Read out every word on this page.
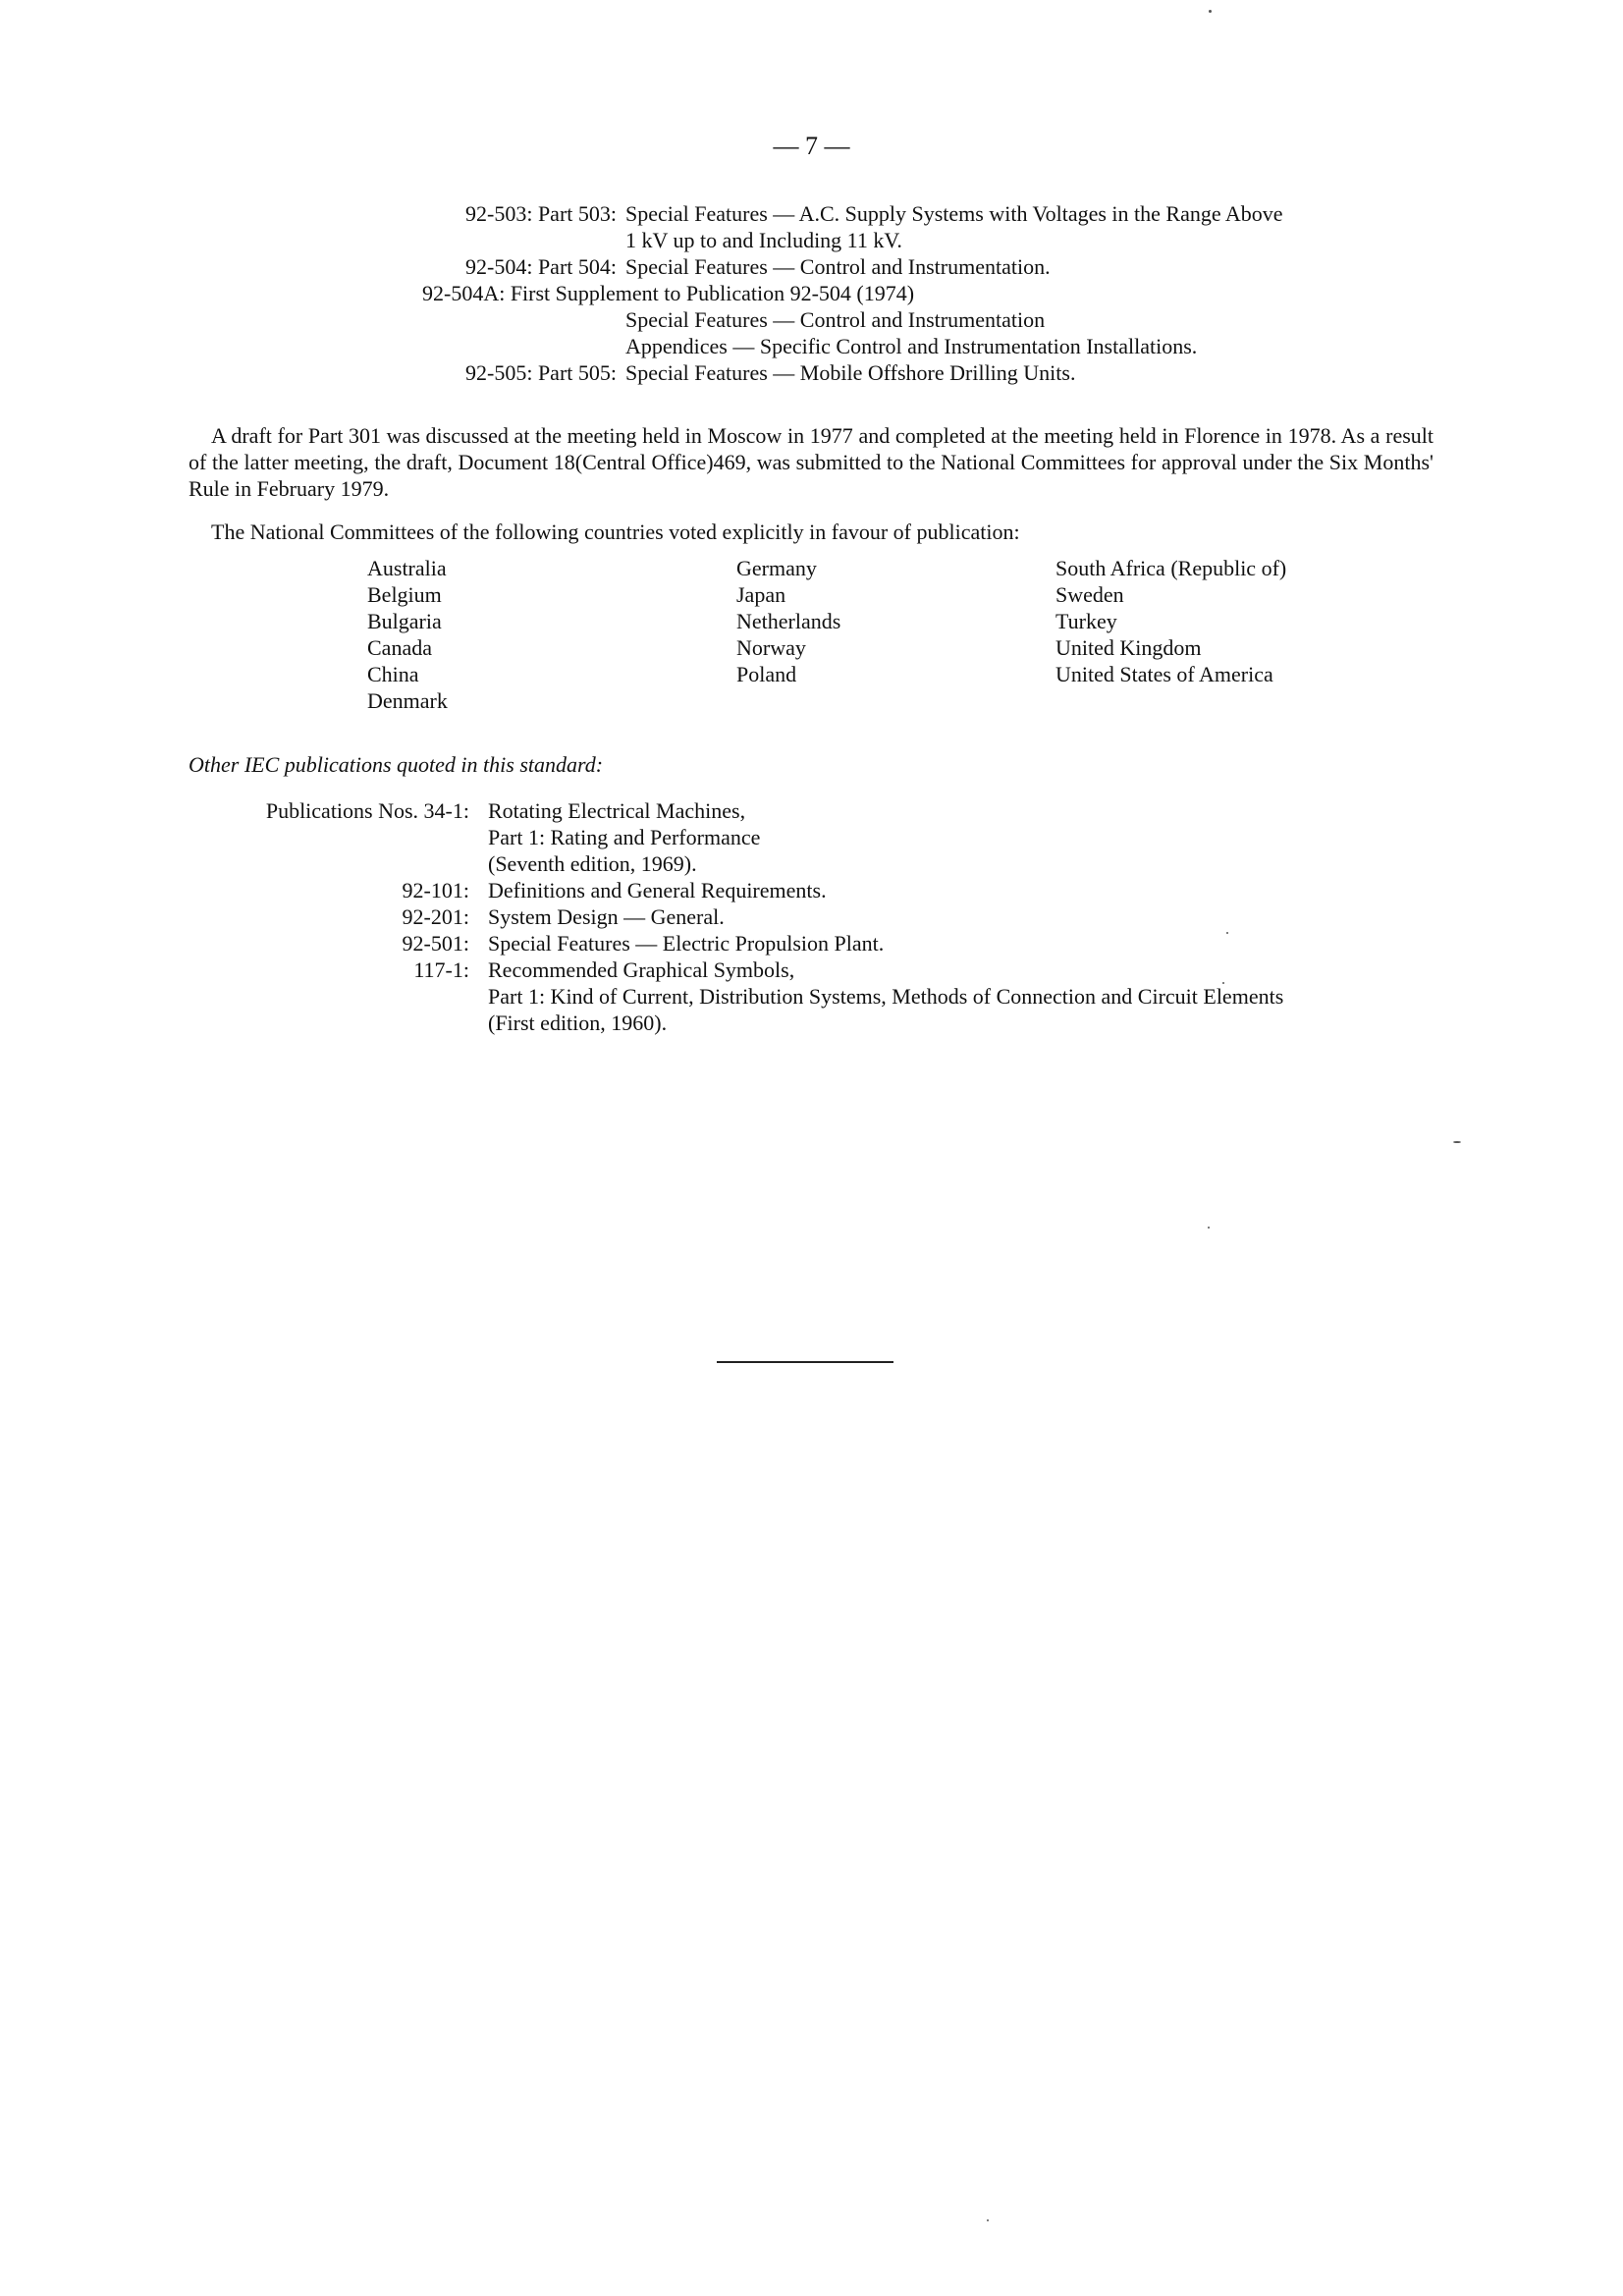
— 7 —
92-503: Part 503: Special Features — A.C. Supply Systems with Voltages in the Range Above
1 kV up to and Including 11 kV.
92-504: Part 504: Special Features — Control and Instrumentation.
92-504A: First Supplement to Publication 92-504 (1974)
Special Features — Control and Instrumentation
Appendices — Specific Control and Instrumentation Installations.
92-505: Part 505: Special Features — Mobile Offshore Drilling Units.

A draft for Part 301 was discussed at the meeting held in Moscow in 1977 and completed at the meeting held in Florence in 1978. As a result of the latter meeting, the draft, Document 18(Central Office)469, was submitted to the National Committees for approval under the Six Months' Rule in February 1979.

The National Committees of the following countries voted explicitly in favour of publication:

Australia
Belgium
Bulgaria
Canada
China
Denmark
Germany
Japan
Netherlands
Norway
Poland
South Africa (Republic of)
Sweden
Turkey
United Kingdom
United States of America

Other IEC publications quoted in this standard:

Publications Nos. 34-1: Rotating Electrical Machines,
Part 1: Rating and Performance
(Seventh edition, 1969).
92-101: Definitions and General Requirements.
92-201: System Design — General.
92-501: Special Features — Electric Propulsion Plant.
117-1: Recommended Graphical Symbols,
Part 1: Kind of Current, Distribution Systems, Methods of Connection and Circuit Elements
(First edition, 1960).
